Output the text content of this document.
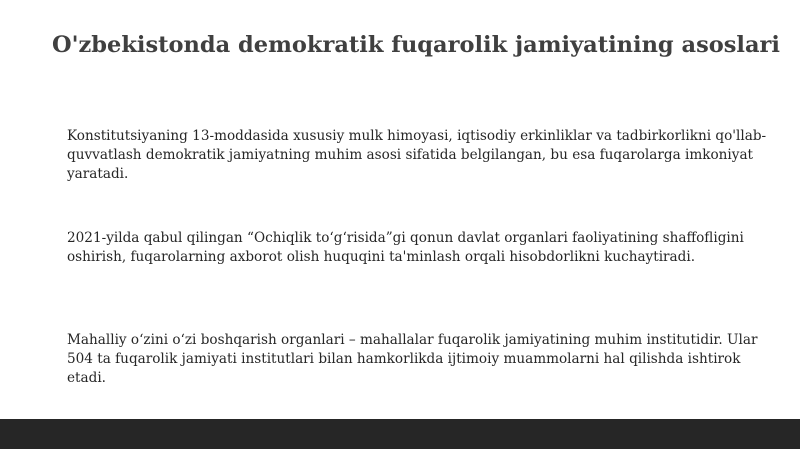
O'zbekistonda demokratik fuqarolik jamiyatining asoslari

Konstitutsiyaning 13-moddasida xususiy mulk himoyasi, iqtisodiy erkinliklar va tadbirkorlikni qo'llab-quvvatlash demokratik jamiyatning muhim asosi sifatida belgilangan, bu esa fuqarolarga imkoniyat yaratadi.

2021-yilda qabul qilingan “Ochiqlik to‘g‘risida”gi qonun davlat organlari faoliyatining shaffofligini oshirish, fuqarolarning axborot olish huquqini ta'minlash orqali hisobdorlikni kuchaytiradi.

Mahalliy o‘zini o‘zi boshqarish organlari – mahallalar fuqarolik jamiyatining muhim institutidir. Ular 504 ta fuqarolik jamiyati institutlari bilan hamkorlikda ijtimoiy muammolarni hal qilishda ishtirok etadi.
